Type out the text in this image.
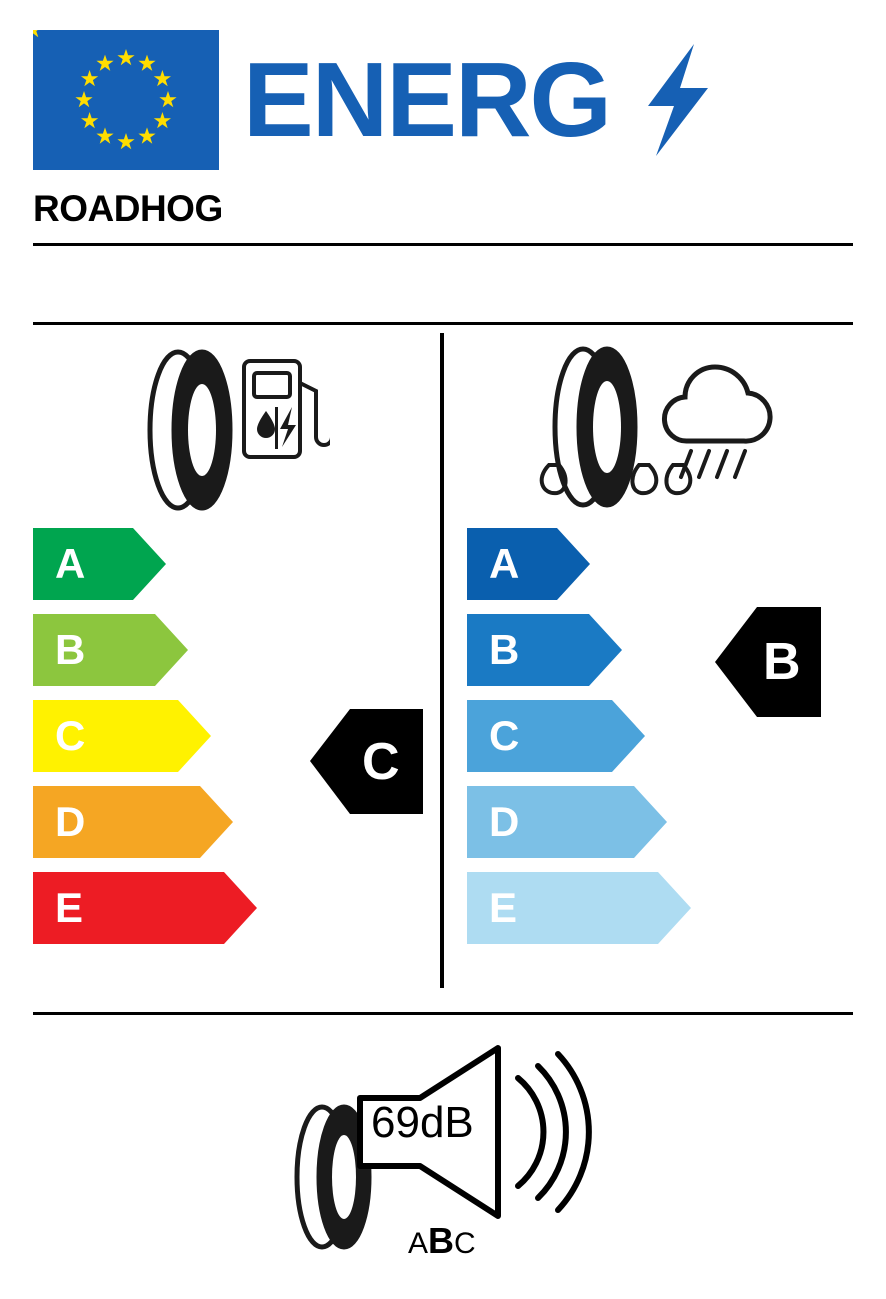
ENERG
ROADHOG
A
B
C
D
E
C
A
B
C
D
E
B
69dB
ABC
